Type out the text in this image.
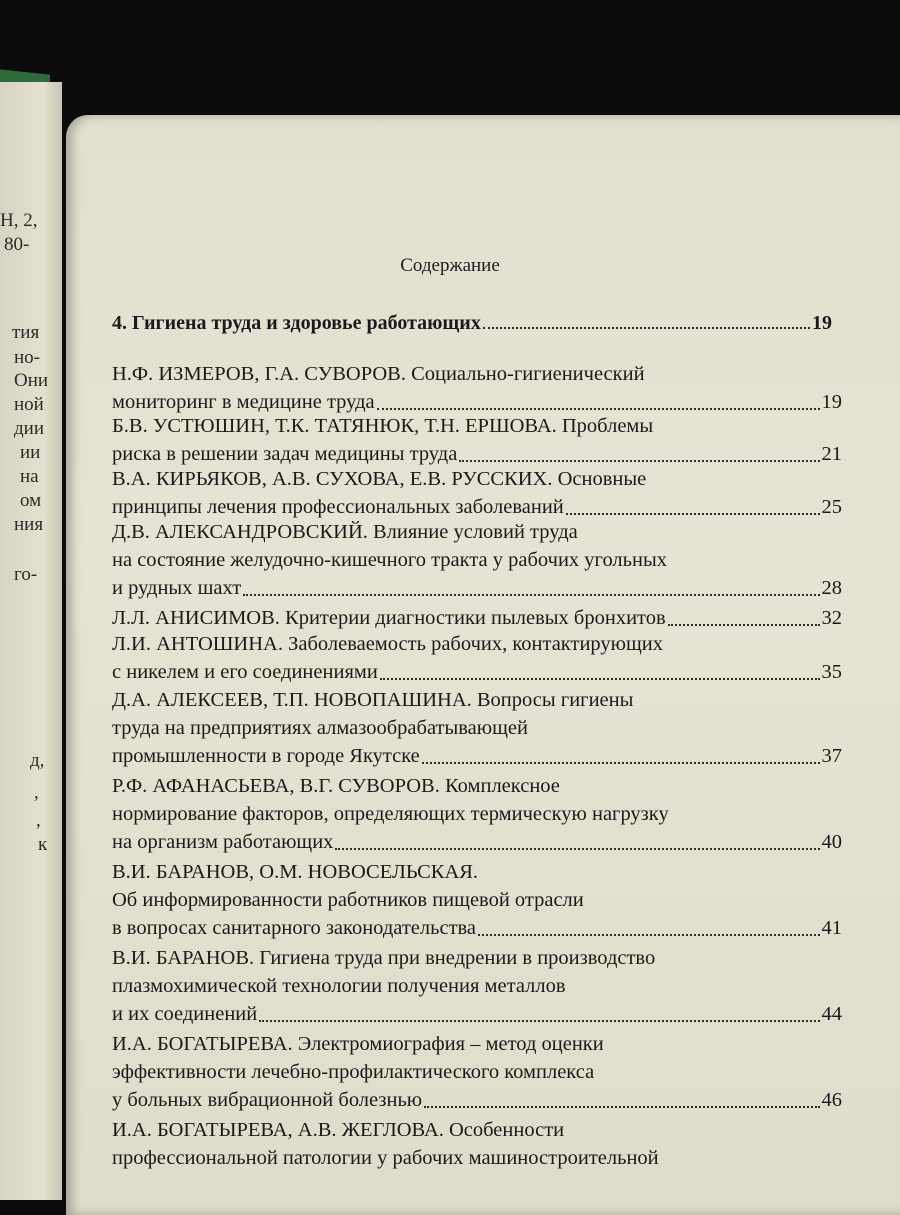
Н, 2,
80-
тия
но-
Они
ной
дии
ии
на
ом
ния
го-
д,
,
,
к
Содержание
4. Гигиена труда и здоровье работающих	19
Н.Ф. ИЗМЕРОВ, Г.А. СУВОРОВ. Социально-гигиенический
мониторинг в медицине труда	19
Б.В. УСТЮШИН, Т.К. ТАТЯНЮК, Т.Н. ЕРШОВА. Проблемы
риска в решении задач медицины труда	21
В.А. КИРЬЯКОВ, А.В. СУХОВА, Е.В. РУССКИХ. Основные
принципы лечения профессиональных заболеваний	25
Д.В. АЛЕКСАНДРОВСКИЙ. Влияние условий труда
на состояние желудочно-кишечного тракта у рабочих угольных
и рудных шахт	28
Л.Л. АНИСИМОВ. Критерии диагностики пылевых бронхитов	32
Л.И. АНТОШИНА. Заболеваемость рабочих, контактирующих
с никелем и его соединениями	35
Д.А. АЛЕКСЕЕВ, Т.П. НОВОПАШИНА. Вопросы гигиены
труда на предприятиях алмазообрабатывающей
промышленности в городе Якутске	37
Р.Ф. АФАНАСЬЕВА, В.Г. СУВОРОВ. Комплексное
нормирование факторов, определяющих термическую нагрузку
на организм работающих	40
В.И. БАРАНОВ, О.М. НОВОСЕЛЬСКАЯ.
Об информированности работников пищевой отрасли
в вопросах санитарного законодательства	41
В.И. БАРАНОВ. Гигиена труда при внедрении в производство
плазмохимической технологии получения металлов
и их соединений	44
И.А. БОГАТЫРЕВА. Электромиография – метод оценки
эффективности лечебно-профилактического комплекса
у больных вибрационной болезнью	46
И.А. БОГАТЫРЕВА, А.В. ЖЕГЛОВА. Особенности
профессиональной патологии у рабочих машиностроительной
